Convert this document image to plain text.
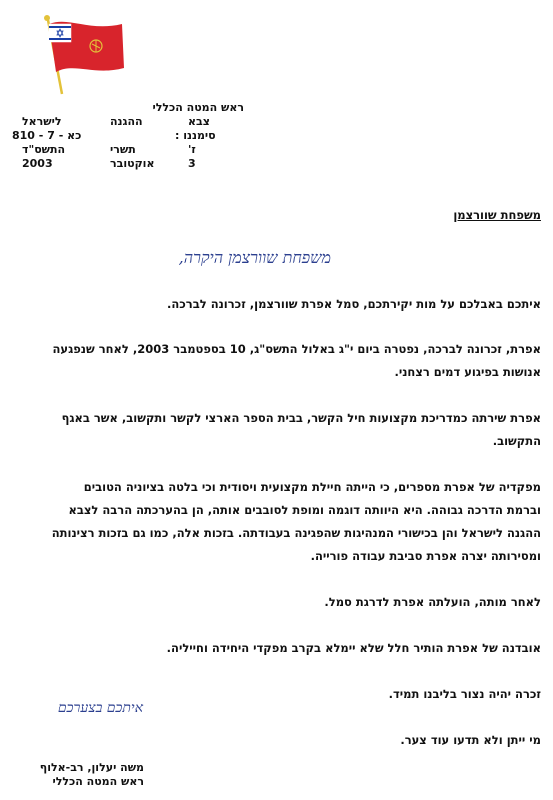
ראש המטה הכללי
צבא
ההגנה
לישראל
סימננו :
כא - 7 - 810
ז'
תשרי
התשס"ד
3
אוקטובר
2003
משפחת שוורצמן
משפחת שוורצמן היקרה,
איתכם באבלכם על מות יקירתכם, סמל אפרת שוורצמן, זכרונה לברכה.
אפרת, זכרונה לברכה, נפטרה ביום י"ג באלול התשס"ג, 10 בספטמבר 2003, לאחר שנפגעה
אנושות בפיגוע דמים רצחני.
אפרת שירתה כמדריכת מקצועות חיל הקשר, בבית הספר הארצי לקשר ותקשוב, אשר באגף
התקשוב.
מפקדיה של אפרת מספרים, כי הייתה חיילת מקצועית ויסודית וכי בלטה בציוניה הטובים
וברמת הדרכה גבוהה. היא היוותה דוגמה ומופת לסובבים אותה, הן בהערכתה הרבה לצבא
ההגנה לישראל והן בכישורי המנהיגות שהפגינה בעבודתה. בזכות אלה, כמו גם בזכות רצינותה
ומסירותה יצרה אפרת סביבת עבודה פורייה.
לאחר מותה, הועלתה אפרת לדרגת סמל.
אובדנה של אפרת הותיר חלל שלא יימלא בקרב מפקדי היחידה וחייליה.
זכרה יהיה נצור בליבנו תמיד.
מי ייתן ולא תדעו עוד צער.
איתכם בצערכם
משה יעלון, רב-אלוף
ראש המטה הכללי
